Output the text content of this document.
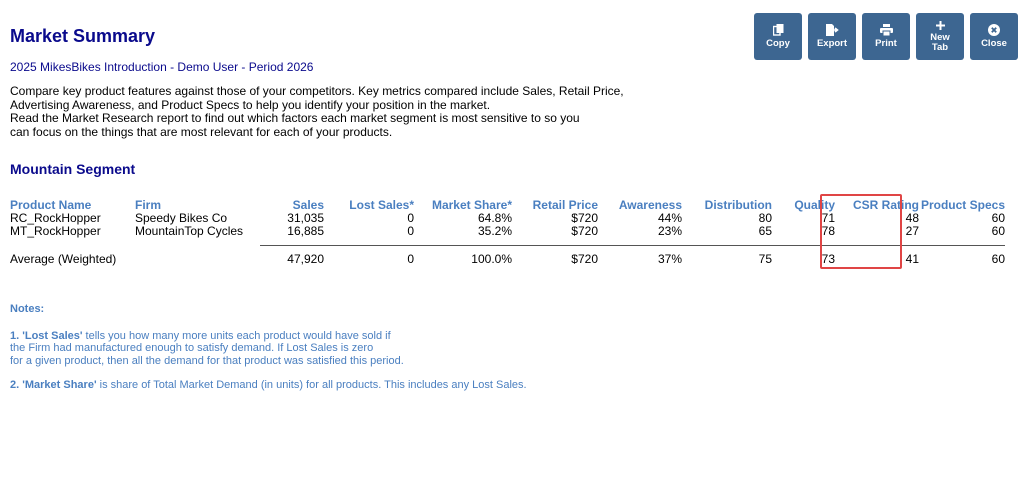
Market Summary
2025 MikesBikes Introduction - Demo User - Period 2026
Compare key product features against those of your competitors. Key metrics compared include Sales, Retail Price,
Advertising Awareness, and Product Specs to help you identify your position in the market.
Read the Market Research report to find out which factors each market segment is most sensitive to so you
can focus on the things that are most relevant for each of your products.
Copy	Export	Print
New
Tab	Close
Mountain Segment
Product Name	Firm	Sales	Lost Sales*	Market Share*	Retail Price	Awareness	Distribution	Quality	CSR Rating	Product Specs
RC_RockHopper	Speedy Bikes Co	31,035	0	64.8%	$720	44%	80	71	48	60
MT_RockHopper	MountainTop Cycles	16,885	0	35.2%	$720	23%	65	78	27	60

Average (Weighted)		47,920	0	100.0%	$720	37%	75	73	41	60
Notes:
1. 'Lost Sales' tells you how many more units each product would have sold if
the Firm had manufactured enough to satisfy demand. If Lost Sales is zero
for a given product, then all the demand for that product was satisfied this period.
2. 'Market Share' is share of Total Market Demand (in units) for all products. This includes any Lost Sales.
